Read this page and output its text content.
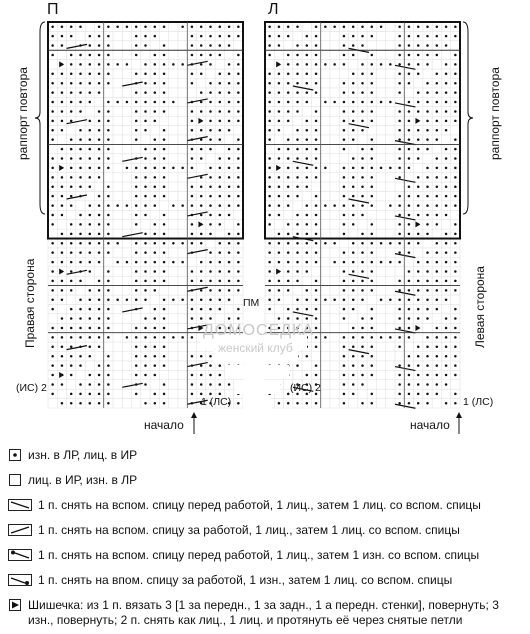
П	Л
раппорт повтора	раппорт повтора
Правая сторона	Левая сторона
(ИС) 2	(ИС) 2
1 (ЛС)	1 (ЛС)
ПМ
начало	начало
ДОМОСЕДКА
женский клуб
изн. в ЛР, лиц. в ИР
лиц. в ИР, изн. в ЛР
1 п. снять на вспом. спицу перед работой, 1 лиц., затем 1 лиц. со вспом. спицы
1 п. снять на вспом. спицу за работой, 1 лиц., затем 1 лиц. со вспом. спицы
1 п. снять на вспом. спицу перед работой, 1 лиц., затем 1 изн. со вспом. спицы
1 п. снять на впом. спицу за работой, 1 изн., затем 1 лиц. со вспом. спицы
Шишечка: из 1 п. вязать 3 [1 за передн., 1 за задн., 1 а передн. стенки], повернуть; 3 изн., повернуть; 2 п. снять как лиц., 1 лиц. и протянуть её через снятые петли
